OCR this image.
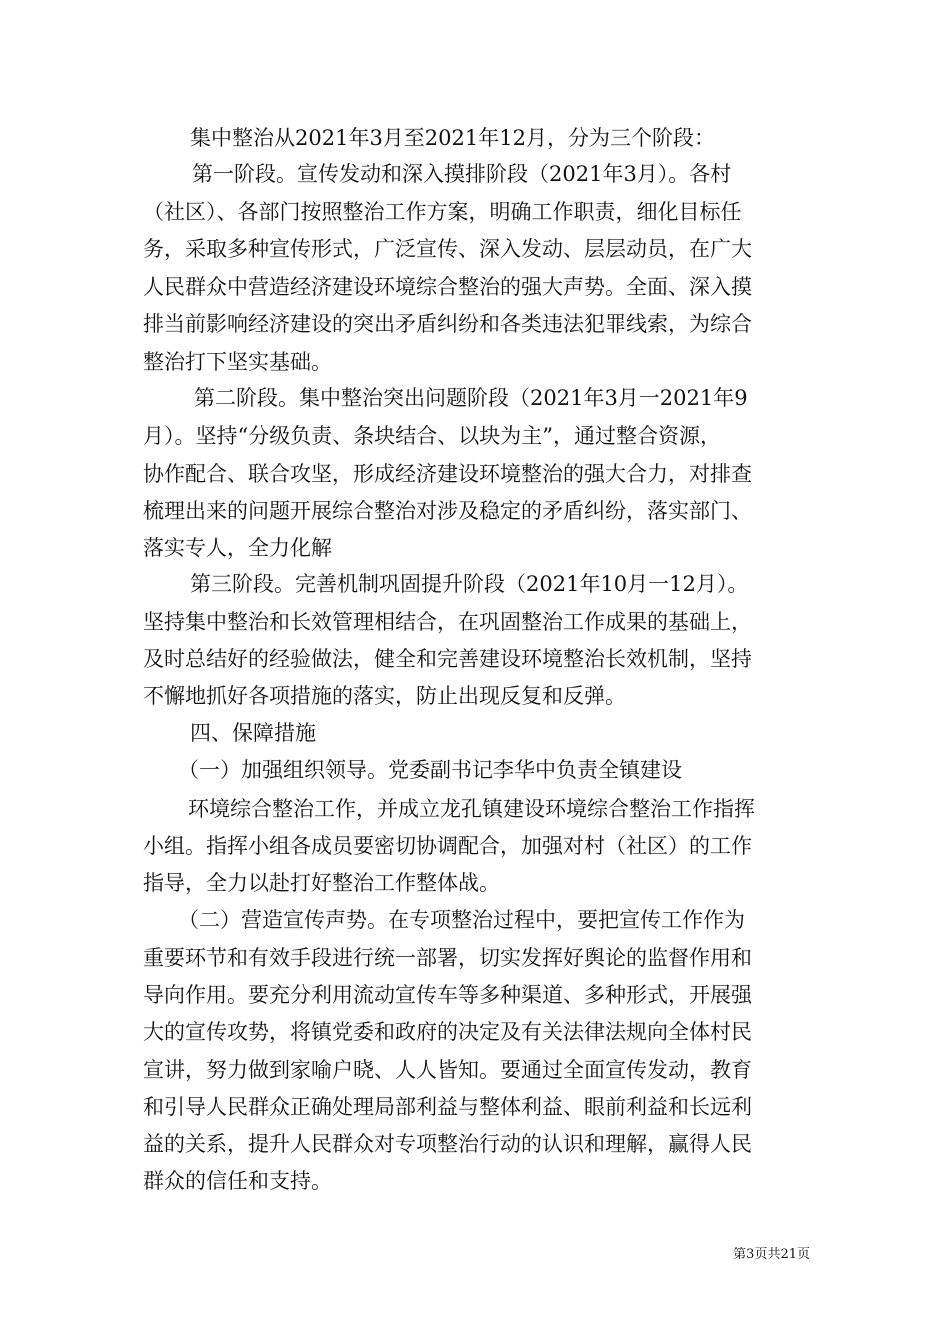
集中整治从2021年3月至2021年12月，分为三个阶段：
第一阶段。宣传发动和深入摸排阶段（2021年3月）。各村
（社区）、各部门按照整治工作方案，明确工作职责，细化目标任
务，采取多种宣传形式，广泛宣传、深入发动、层层动员，在广大
人民群众中营造经济建设环境综合整治的强大声势。全面、深入摸
排当前影响经济建设的突出矛盾纠纷和各类违法犯罪线索，为综合
整治打下坚实基础。
第二阶段。集中整治突出问题阶段（2021年3月一2021年9
月）。坚持“分级负责、条块结合、以块为主”，通过整合资源，
协作配合、联合攻坚，形成经济建设环境整治的强大合力，对排查
梳理出来的问题开展综合整治对涉及稳定的矛盾纠纷，落实部门、
落实专人，全力化解
第三阶段。完善机制巩固提升阶段（2021年10月一12月）。
坚持集中整治和长效管理相结合，在巩固整治工作成果的基础上，
及时总结好的经验做法，健全和完善建设环境整治长效机制，坚持
不懈地抓好各项措施的落实，防止出现反复和反弹。
四、保障措施
（一）加强组织领导。党委副书记李华中负责全镇建设
环境综合整治工作，并成立龙孔镇建设环境综合整治工作指挥
小组。指挥小组各成员要密切协调配合，加强对村（社区）的工作
指导，全力以赴打好整治工作整体战。
（二）营造宣传声势。在专项整治过程中，要把宣传工作作为
重要环节和有效手段进行统一部署，切实发挥好舆论的监督作用和
导向作用。要充分利用流动宣传车等多种渠道、多种形式，开展强
大的宣传攻势，将镇党委和政府的决定及有关法律法规向全体村民
宣讲，努力做到家喻户晓、人人皆知。要通过全面宣传发动，教育
和引导人民群众正确处理局部利益与整体利益、眼前利益和长远利
益的关系，提升人民群众对专项整治行动的认识和理解，赢得人民
群众的信任和支持。
第3页共21页
